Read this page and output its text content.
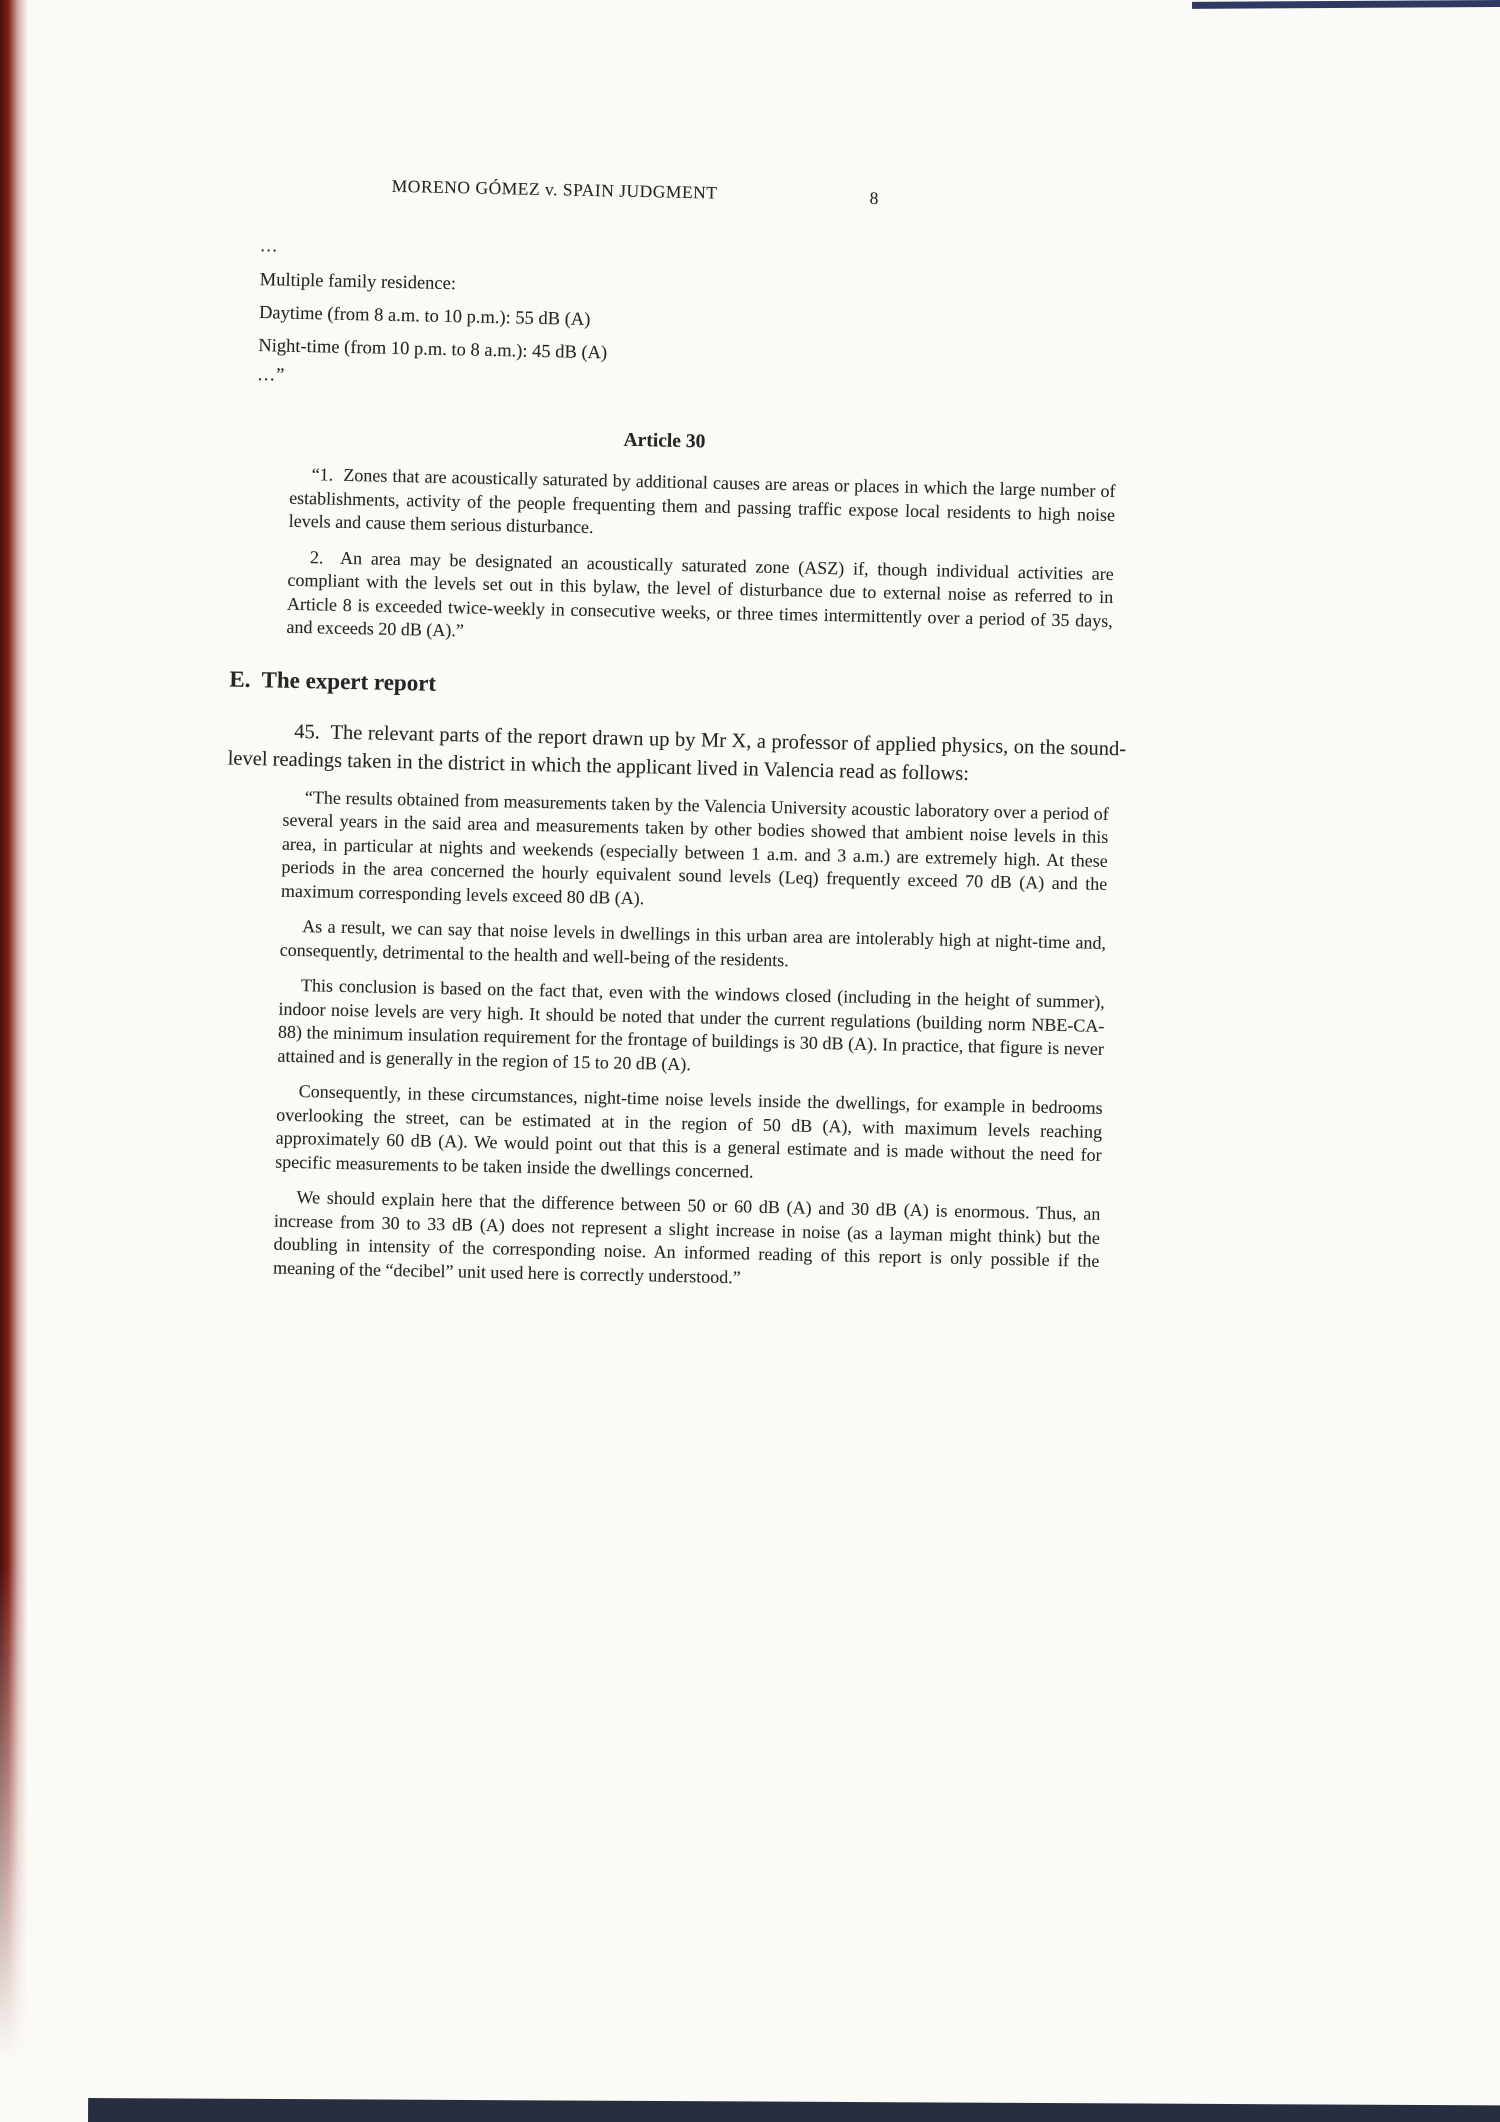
MORENO GÓMEZ v. SPAIN JUDGMENT	8
...
Multiple family residence:
Daytime (from 8 a.m. to 10 p.m.): 55 dB (A)
Night-time (from 10 p.m. to 8 a.m.): 45 dB (A)
...”
Article 30
“1.  Zones that are acoustically saturated by additional causes are areas or places in which the large number of establishments, activity of the people frequenting them and passing traffic expose local residents to high noise levels and cause them serious disturbance.
2.  An area may be designated an acoustically saturated zone (ASZ) if, though individual activities are compliant with the levels set out in this bylaw, the level of disturbance due to external noise as referred to in Article 8 is exceeded twice-weekly in consecutive weeks, or three times intermittently over a period of 35 days, and exceeds 20 dB (A).”
E.  The expert report
45.  The relevant parts of the report drawn up by Mr X, a professor of applied physics, on the sound-level readings taken in the district in which the applicant lived in Valencia read as follows:
“The results obtained from measurements taken by the Valencia University acoustic laboratory over a period of several years in the said area and measurements taken by other bodies showed that ambient noise levels in this area, in particular at nights and weekends (especially between 1 a.m. and 3 a.m.) are extremely high. At these periods in the area concerned the hourly equivalent sound levels (Leq) frequently exceed 70 dB (A) and the maximum corresponding levels exceed 80 dB (A).
As a result, we can say that noise levels in dwellings in this urban area are intolerably high at night-time and, consequently, detrimental to the health and well-being of the residents.
This conclusion is based on the fact that, even with the windows closed (including in the height of summer), indoor noise levels are very high. It should be noted that under the current regulations (building norm NBE-CA-88) the minimum insulation requirement for the frontage of buildings is 30 dB (A). In practice, that figure is never attained and is generally in the region of 15 to 20 dB (A).
Consequently, in these circumstances, night-time noise levels inside the dwellings, for example in bedrooms overlooking the street, can be estimated at in the region of 50 dB (A), with maximum levels reaching approximately 60 dB (A). We would point out that this is a general estimate and is made without the need for specific measurements to be taken inside the dwellings concerned.
We should explain here that the difference between 50 or 60 dB (A) and 30 dB (A) is enormous. Thus, an increase from 30 to 33 dB (A) does not represent a slight increase in noise (as a layman might think) but the doubling in intensity of the corresponding noise. An informed reading of this report is only possible if the meaning of the “decibel” unit used here is correctly understood.”
